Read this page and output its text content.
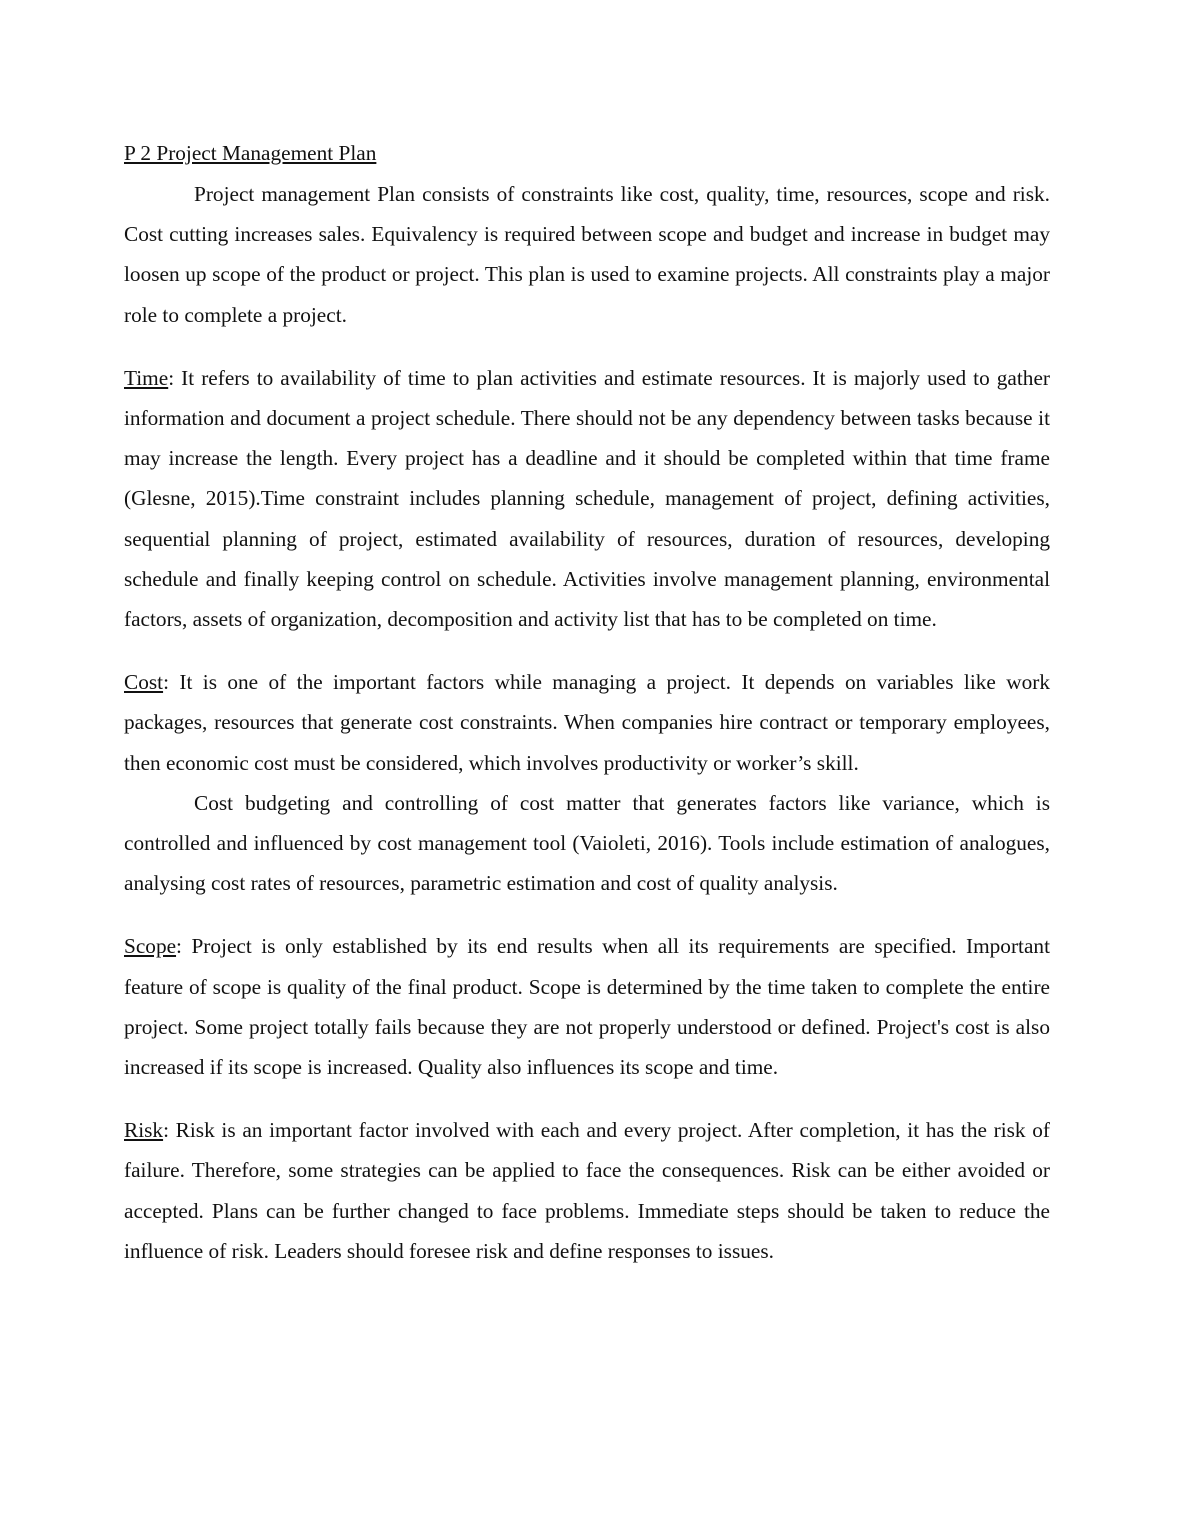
P 2 Project Management Plan

Project management Plan consists of constraints like cost, quality, time, resources, scope and risk. Cost cutting increases sales. Equivalency is required between scope and budget and increase in budget may loosen up scope of the product or project. This plan is used to examine projects. All constraints play a major role to complete a project.

Time: It refers to availability of time to plan activities and estimate resources. It is majorly used to gather information and document a project schedule. There should not be any dependency between tasks because it may increase the length. Every project has a deadline and it should be completed within that time frame (Glesne, 2015).Time constraint includes planning schedule, management of project, defining activities, sequential planning of project, estimated availability of resources, duration of resources, developing schedule and finally keeping control on schedule. Activities involve management planning, environmental factors, assets of organization, decomposition and activity list that has to be completed on time.

Cost: It is one of the important factors while managing a project. It depends on variables like work packages, resources that generate cost constraints. When companies hire contract or temporary employees, then economic cost must be considered, which involves productivity or worker’s skill.

Cost budgeting and controlling of cost matter that generates factors like variance, which is controlled and influenced by cost management tool (Vaioleti, 2016). Tools include estimation of analogues, analysing cost rates of resources, parametric estimation and cost of quality analysis.

Scope: Project is only established by its end results when all its requirements are specified. Important feature of scope is quality of the final product. Scope is determined by the time taken to complete the entire project. Some project totally fails because they are not properly understood or defined. Project's cost is also increased if its scope is increased. Quality also influences its scope and time.

Risk: Risk is an important factor involved with each and every project. After completion, it has the risk of failure. Therefore, some strategies can be applied to face the consequences. Risk can be either avoided or accepted. Plans can be further changed to face problems. Immediate steps should be taken to reduce the influence of risk. Leaders should foresee risk and define responses to issues.
